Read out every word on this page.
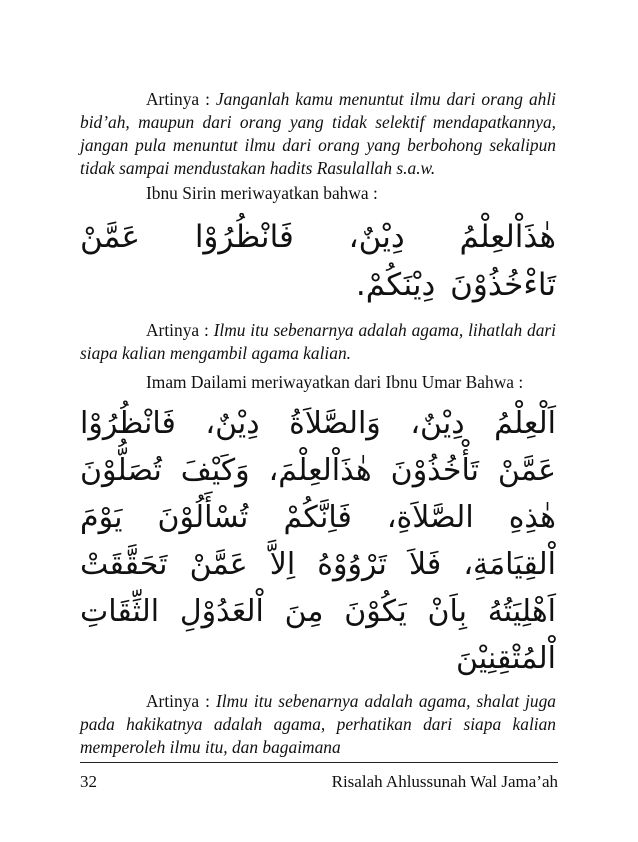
Artinya : Janganlah kamu menuntut ilmu dari orang ahli bid’ah, maupun dari orang yang tidak selektif mendapatkannya, jangan pula menuntut ilmu dari orang yang berbohong sekalipun tidak sampai mendustakan hadits Rasulallah s.a.w.

Ibnu Sirin meriwayatkan bahwa :

هٰذَاْلعِلْمُ دِيْنٌ، فَانْظُرُوْا عَمَّنْ تَاءْخُذُوْنَ دِيْنَكُمْ.

Artinya : Ilmu itu sebenarnya adalah agama, lihatlah dari siapa kalian mengambil agama kalian.

Imam Dailami meriwayatkan dari Ibnu Umar Bahwa :

اَلْعِلْمُ دِيْنٌ، وَالصَّلاَةُ دِيْنٌ، فَانْظُرُوْا عَمَّنْ تَأْخُذُوْنَ هٰذَاْلعِلْمَ، وَكَيْفَ تُصَلُّوْنَ هٰذِهِ الصَّلاَةِ، فَاِنَّكُمْ تُسْأَلُوْنَ يَوْمَ اْلقِيَامَةِ، فَلاَ تَرْوُوْهُ اِلاَّ عَمَّنْ تَحَقَّقَتْ اَهْلِيَتُهُ بِاَنْ يَكُوْنَ مِنَ اْلعَدُوْلِ الثِّقَاتِ اْلمُتْقِنِيْنَ

Artinya : Ilmu itu sebenarnya adalah agama, shalat juga pada hakikatnya adalah agama, perhatikan dari siapa kalian memperoleh ilmu itu, dan bagaimana

32	Risalah Ahlussunah Wal Jama’ah
